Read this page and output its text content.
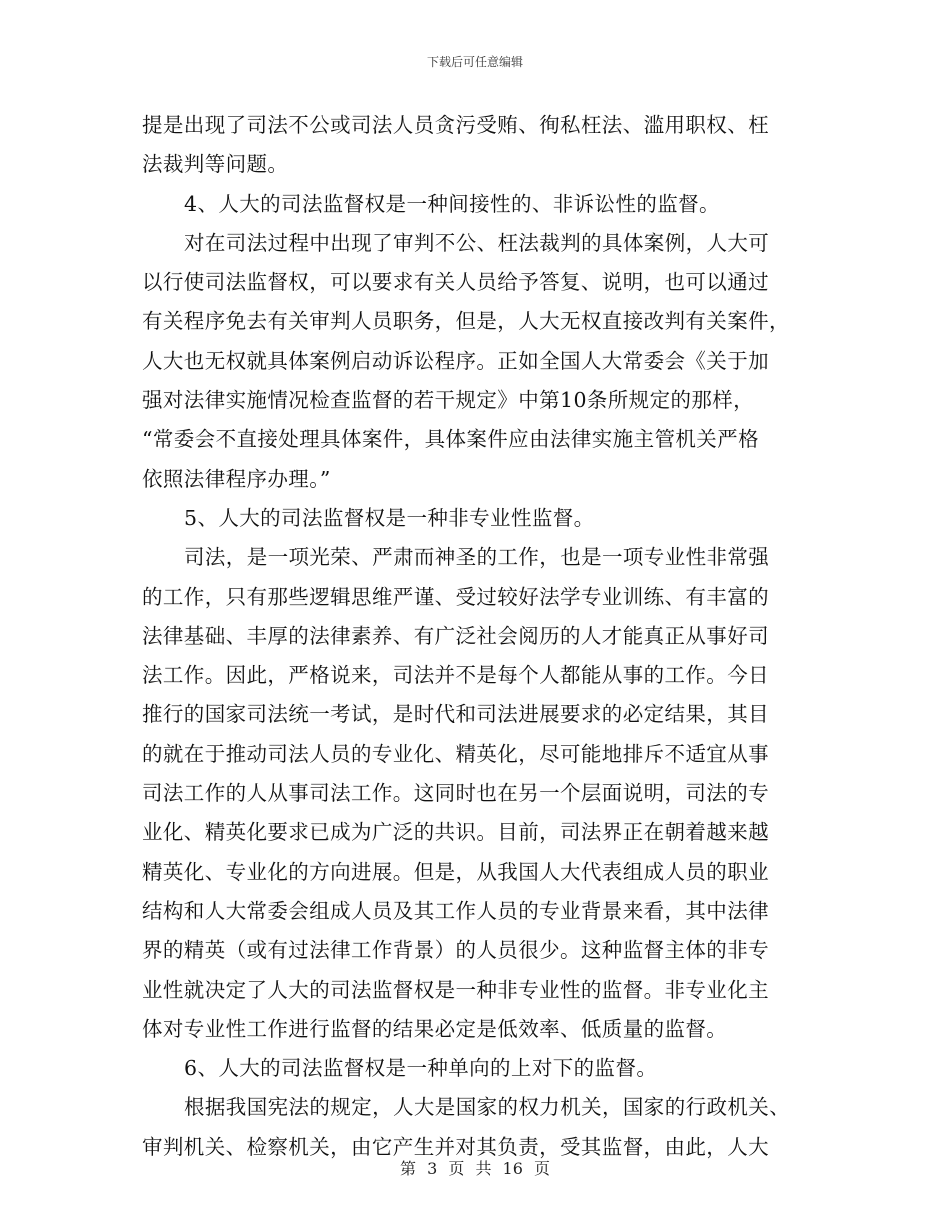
下载后可任意编辑
提是出现了司法不公或司法人员贪污受贿、徇私枉法、滥用职权、枉
法裁判等问题。
4、人大的司法监督权是一种间接性的、非诉讼性的监督。
对在司法过程中出现了审判不公、枉法裁判的具体案例，人大可
以行使司法监督权，可以要求有关人员给予答复、说明，也可以通过
有关程序免去有关审判人员职务，但是，人大无权直接改判有关案件，
人大也无权就具体案例启动诉讼程序。正如全国人大常委会《关于加
强对法律实施情况检查监督的若干规定》中第10条所规定的那样，
“常委会不直接处理具体案件，具体案件应由法律实施主管机关严格
依照法律程序办理。”
5、人大的司法监督权是一种非专业性监督。
司法，是一项光荣、严肃而神圣的工作，也是一项专业性非常强
的工作，只有那些逻辑思维严谨、受过较好法学专业训练、有丰富的
法律基础、丰厚的法律素养、有广泛社会阅历的人才能真正从事好司
法工作。因此，严格说来，司法并不是每个人都能从事的工作。今日
推行的国家司法统一考试，是时代和司法进展要求的必定结果，其目
的就在于推动司法人员的专业化、精英化，尽可能地排斥不适宜从事
司法工作的人从事司法工作。这同时也在另一个层面说明，司法的专
业化、精英化要求已成为广泛的共识。目前，司法界正在朝着越来越
精英化、专业化的方向进展。但是，从我国人大代表组成人员的职业
结构和人大常委会组成人员及其工作人员的专业背景来看，其中法律
界的精英（或有过法律工作背景）的人员很少。这种监督主体的非专
业性就决定了人大的司法监督权是一种非专业性的监督。非专业化主
体对专业性工作进行监督的结果必定是低效率、低质量的监督。
6、人大的司法监督权是一种单向的上对下的监督。
根据我国宪法的规定，人大是国家的权力机关，国家的行政机关、
审判机关、检察机关，由它产生并对其负责，受其监督，由此，人大
第 3 页 共 16 页
